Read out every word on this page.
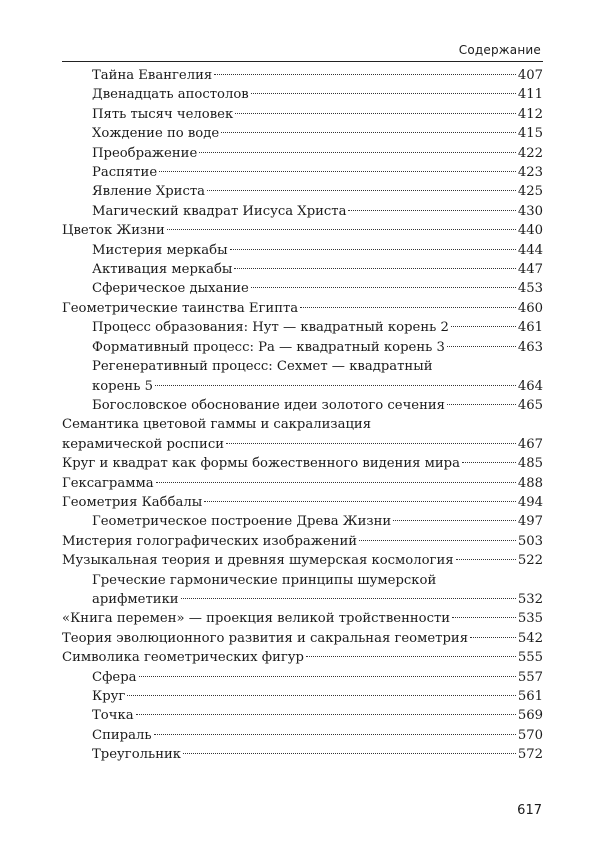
Содержание
Тайна Евангелия	407
Двенадцать апостолов	411
Пять тысяч человек	412
Хождение по воде	415
Преображение	422
Распятие	423
Явление Христа	425
Магический квадрат Иисуса Христа	430
Цветок Жизни	440
Мистерия меркабы	444
Активация меркабы	447
Сферическое дыхание	453
Геометрические таинства Египта	460
Процесс образования: Нут — квадратный корень 2	461
Формативный процесс: Ра — квадратный корень 3	463
Регенеративный процесс: Сехмет — квадратный
корень 5	464
Богословское обоснование идеи золотого сечения	465
Семантика цветовой гаммы и сакрализация
керамической росписи	467
Круг и квадрат как формы божественного видения мира	485
Гексаграмма	488
Геометрия Каббалы	494
Геометрическое построение Древа Жизни	497
Мистерия голографических изображений	503
Музыкальная теория и древняя шумерская космология	522
Греческие гармонические принципы шумерской
арифметики	532
«Книга перемен» — проекция великой тройственности	535
Теория эволюционного развития и сакральная геометрия	542
Символика геометрических фигур	555
Сфера	557
Круг	561
Точка	569
Спираль	570
Треугольник	572
617
